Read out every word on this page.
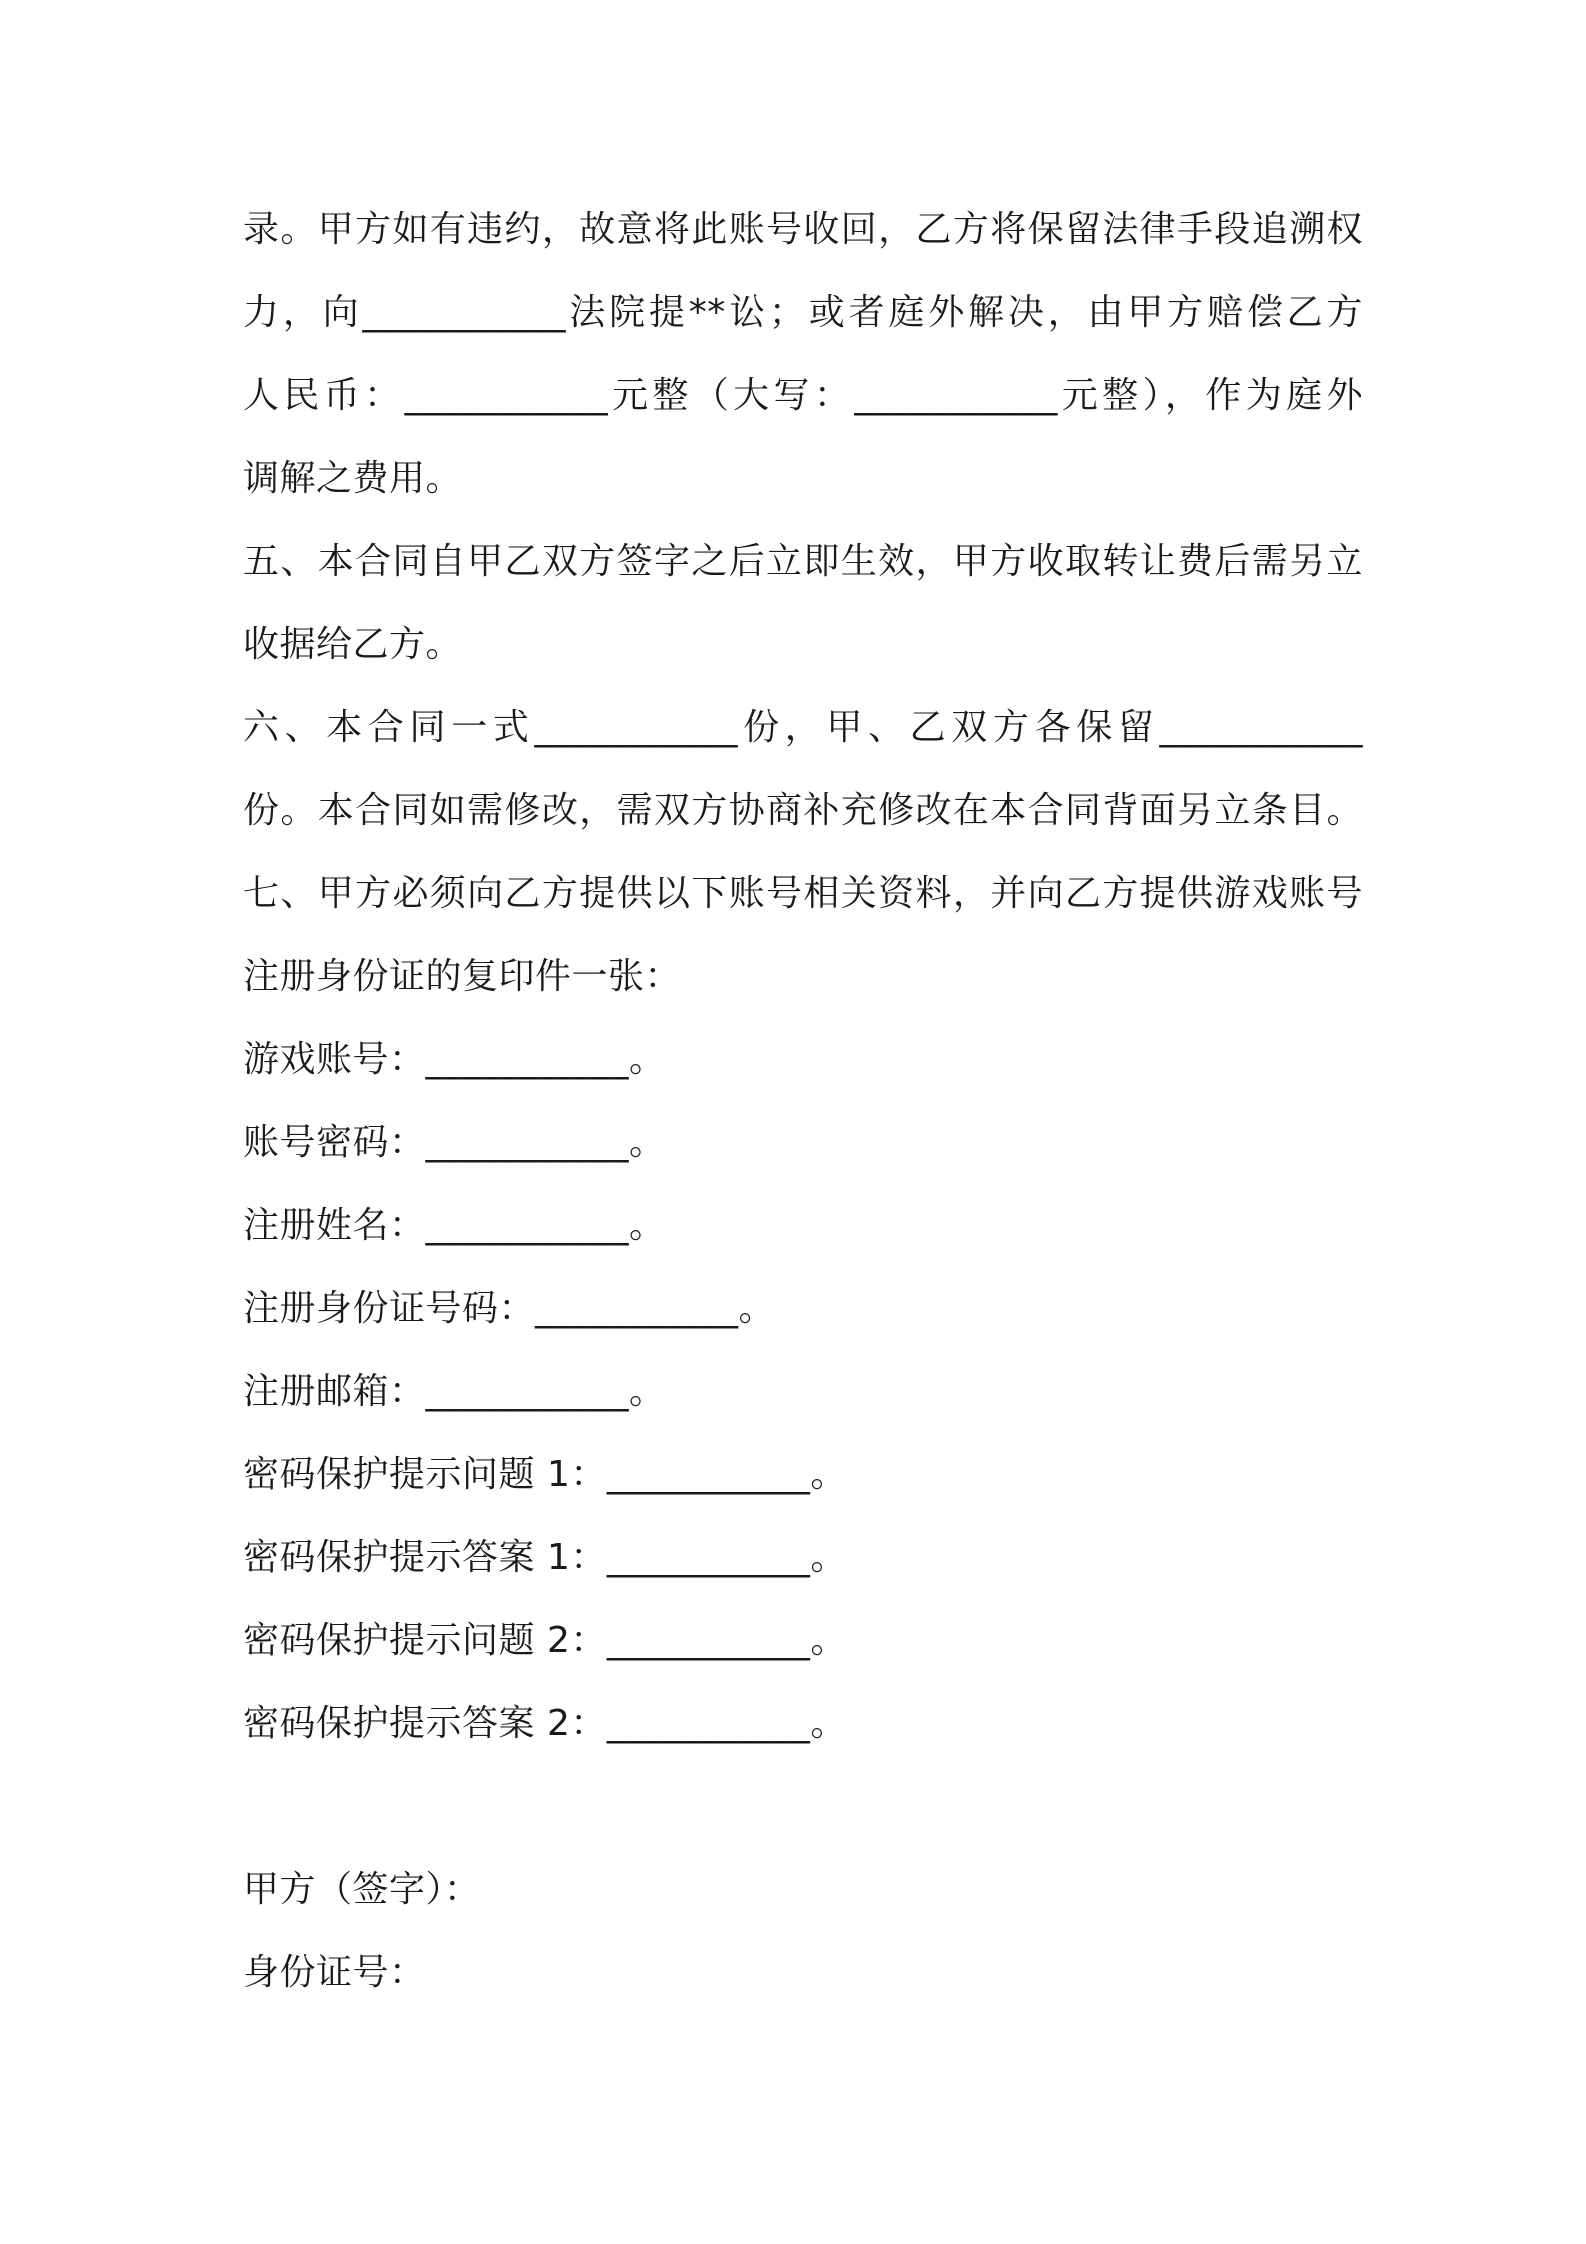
录。甲方如有违约，故意将此账号收回，乙方将保留法律手段追溯权
力，向___________法院提**讼；或者庭外解决，由甲方赔偿乙方
人民币：___________元整（大写：___________元整），作为庭外
调解之费用。
五、本合同自甲乙双方签字之后立即生效，甲方收取转让费后需另立
收据给乙方。
六、本合同一式___________份，甲、乙双方各保留___________
份。本合同如需修改，需双方协商补充修改在本合同背面另立条目。
七、甲方必须向乙方提供以下账号相关资料，并向乙方提供游戏账号
注册身份证的复印件一张：
游戏账号：___________。
账号密码：___________。
注册姓名：___________。
注册身份证号码：___________。
注册邮箱：___________。
密码保护提示问题 1：___________。
密码保护提示答案 1：___________。
密码保护提示问题 2：___________。
密码保护提示答案 2：___________。
甲方（签字）：
身份证号：
